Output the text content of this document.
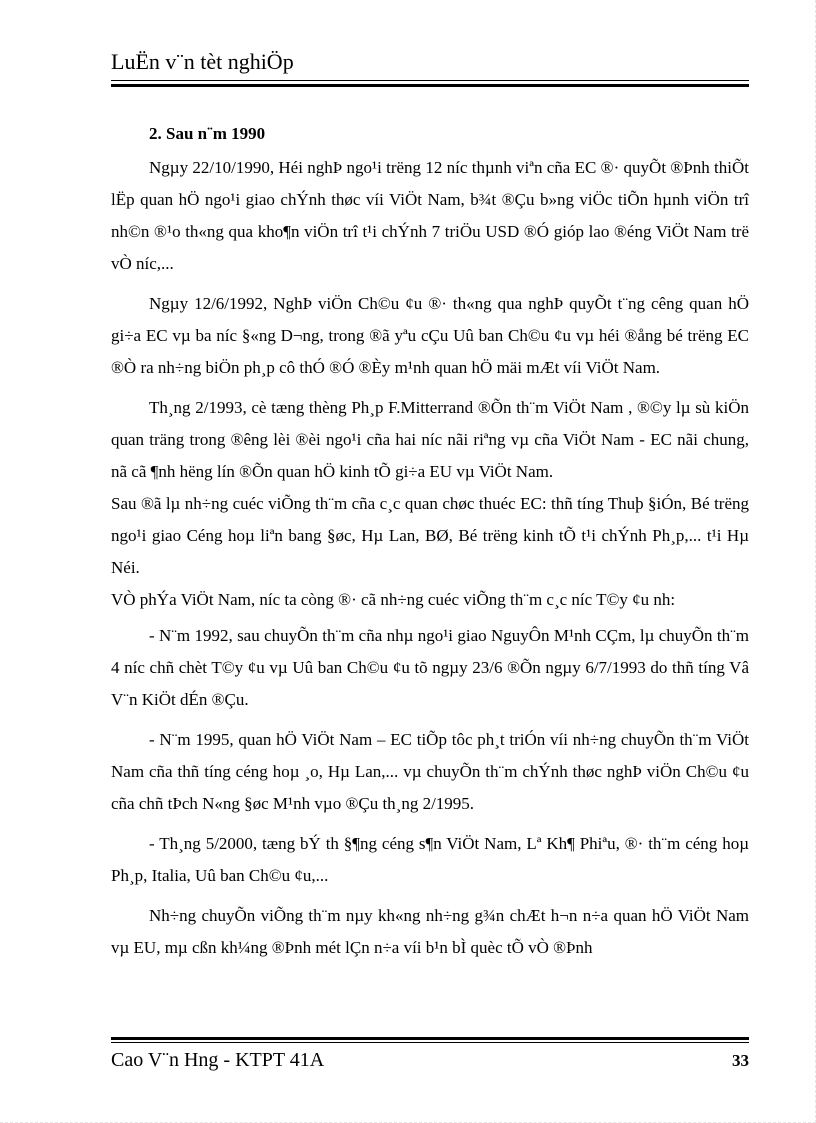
LuËn v¨n tèt nghiÖp

2. Sau n¨m 1990

Ngµy 22/10/1990, Héi nghÞ ngo¹i trëng 12 níc thµnh viªn cña EC ®· quyÕt ®Þnh thiÕt lËp quan hÖ ngo¹i giao chÝnh thøc víi ViÖt Nam, b¾t ®Çu b»ng viÖc tiÕn hµnh viÖn trî nh©n ®¹o th«ng qua kho¶n viÖn trî t¹i chÝnh 7 triÖu USD ®Ó gióp lao ®éng ViÖt Nam trë vÒ níc,...

Ngµy 12/6/1992, NghÞ viÖn Ch©u ¢u ®· th«ng qua nghÞ quyÕt t¨ng cêng quan hÖ gi÷a EC vµ ba níc §«ng D¬ng, trong ®ã yªu cÇu Uû ban Ch©u ¢u vµ héi ®ång bé trëng EC ®Ò ra nh÷ng biÖn ph¸p cô thÓ ®Ó ®Èy m¹nh quan hÖ mäi mÆt víi ViÖt Nam.

Th¸ng 2/1993, cè tæng thèng Ph¸p F.Mitterrand ®Õn th¨m ViÖt Nam , ®©y lµ sù kiÖn quan träng trong ®êng lèi ®èi ngo¹i cña hai níc nãi riªng vµ cña ViÖt Nam - EC nãi chung, nã cã ¶nh hëng lín ®Õn quan hÖ kinh tÕ gi÷a EU vµ ViÖt Nam.

Sau ®ã lµ nh÷ng cuéc viÕng th¨m cña c¸c quan chøc thuéc EC: thñ tíng Thuþ §iÓn, Bé trëng ngo¹i giao Céng hoµ liªn bang §øc, Hµ Lan, BØ, Bé trëng kinh tÕ t¹i chÝnh Ph¸p,... t¹i Hµ Néi.

VÒ phÝa ViÖt Nam, níc ta còng ®· cã nh÷ng cuéc viÕng th¨m c¸c níc T©y ¢u nh:

- N¨m 1992, sau chuyÕn th¨m cña nhµ ngo¹i giao NguyÔn M¹nh CÇm, lµ chuyÕn th¨m 4 níc chñ chèt T©y ¢u vµ Uû ban Ch©u ¢u tõ ngµy 23/6 ®Õn ngµy 6/7/1993 do thñ tíng Vâ V¨n KiÖt dÉn ®Çu.

- N¨m 1995, quan hÖ ViÖt Nam – EC tiÕp tôc ph¸t triÓn víi nh÷ng chuyÕn th¨m ViÖt Nam cña thñ tíng céng hoµ ¸o, Hµ Lan,... vµ chuyÕn th¨m chÝnh thøc nghÞ viÖn Ch©u ¢u cña chñ tÞch N«ng §øc M¹nh vµo ®Çu th¸ng 2/1995.

- Th¸ng 5/2000, tæng bÝ th §¶ng céng s¶n ViÖt Nam, Lª Kh¶ Phiªu, ®· th¨m céng hoµ Ph¸p, Italia, Uû ban Ch©u ¢u,...

Nh÷ng chuyÕn viÕng th¨m nµy kh«ng nh÷ng g¾n chÆt h¬n n÷a quan hÖ ViÖt Nam vµ EU, mµ cßn kh¼ng ®Þnh mét lÇn n÷a víi b¹n bÌ quèc tÕ vÒ ®Þnh

Cao V¨n Hng - KTPT 41A	33
